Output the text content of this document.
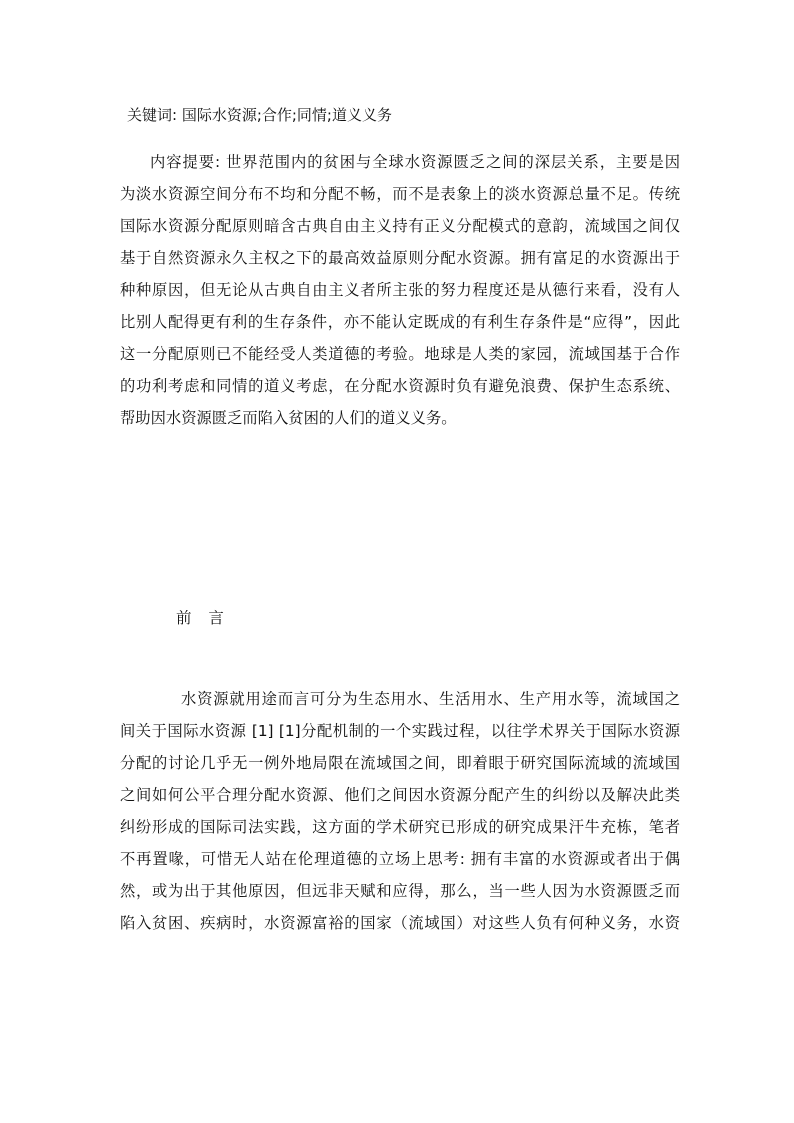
关键词: 国际水资源;合作;同情;道义义务
内容提要: 世界范围内的贫困与全球水资源匮乏之间的深层关系，主要是因
为淡水资源空间分布不均和分配不畅，而不是表象上的淡水资源总量不足。传统
国际水资源分配原则暗含古典自由主义持有正义分配模式的意韵，流域国之间仅
基于自然资源永久主权之下的最高效益原则分配水资源。拥有富足的水资源出于
种种原因，但无论从古典自由主义者所主张的努力程度还是从德行来看，没有人
比别人配得更有利的生存条件，亦不能认定既成的有利生存条件是“应得”，因此
这一分配原则已不能经受人类道德的考验。地球是人类的家园，流域国基于合作
的功利考虑和同情的道义考虑，在分配水资源时负有避免浪费、保护生态系统、
帮助因水资源匮乏而陷入贫困的人们的道义义务。
前 言
水资源就用途而言可分为生态用水、生活用水、生产用水等，流域国之
间关于国际水资源 [1] [1]分配机制的一个实践过程，以往学术界关于国际水资源
分配的讨论几乎无一例外地局限在流域国之间，即着眼于研究国际流域的流域国
之间如何公平合理分配水资源、他们之间因水资源分配产生的纠纷以及解决此类
纠纷形成的国际司法实践，这方面的学术研究已形成的研究成果汗牛充栋，笔者
不再置喙，可惜无人站在伦理道德的立场上思考: 拥有丰富的水资源或者出于偶
然，或为出于其他原因，但远非天赋和应得，那么，当一些人因为水资源匮乏而
陷入贫困、疾病时，水资源富裕的国家（流域国）对这些人负有何种义务，水资
